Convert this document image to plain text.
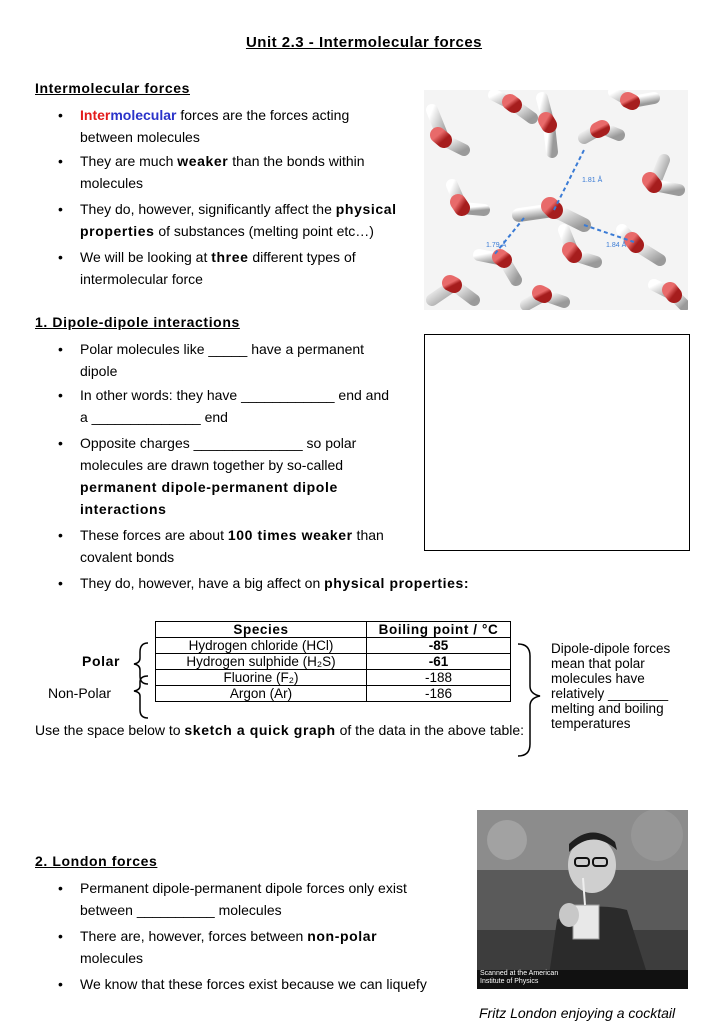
Unit 2.3 - Intermolecular forces
Intermolecular forces
• Intermolecular forces are the forces acting
between molecules
• They are much weaker than the bonds within
molecules
• They do, however, significantly affect the physical
properties of substances (melting point etc…)
• We will be looking at three different types of
intermolecular force
1.81 Å
1.79 Å	1.84 Å
1. Dipole-dipole interactions
• Polar molecules like _____ have a permanent
dipole
• In other words: they have ____________ end and
a ______________ end
• Opposite charges ______________ so polar
molecules are drawn together by so-called
permanent dipole-permanent dipole
interactions
• These forces are about 100 times weaker than
covalent bonds
• They do, however, have a big affect on physical properties:
Species	Boiling point / °C
Hydrogen chloride (HCl)	-85
Hydrogen sulphide (H₂S)	-61
Fluorine (F₂)	-188
Argon (Ar)	-186
Polar
Non-Polar
Dipole-dipole forces
mean that polar
molecules have
relatively ________
melting and boiling
temperatures
Use the space below to sketch a quick graph of the data in the above table:
2. London forces
• Permanent dipole-permanent dipole forces only exist
between __________ molecules
• There are, however, forces between non-polar
molecules
• We know that these forces exist because we can liquefy
Scanned at the American
Institute of Physics
Fritz London enjoying a cocktail
